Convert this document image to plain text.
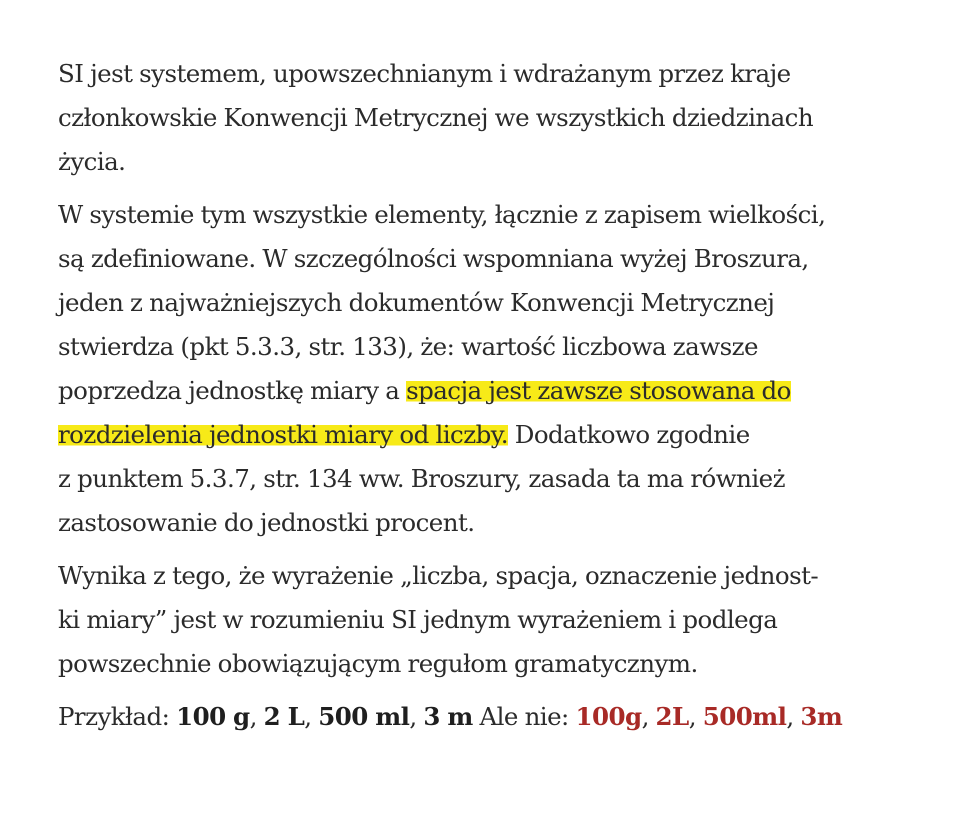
SI jest systemem, upowszechnianym i wdrażanym przez kraje
członkowskie Konwencji Metrycznej we wszystkich dziedzinach
życia.
W systemie tym wszystkie elementy, łącznie z zapisem wielkości,
są zdefiniowane. W szczególności wspomniana wyżej Broszura,
jeden z najważniejszych dokumentów Konwencji Metrycznej
stwierdza (pkt 5.3.3, str. 133), że: wartość liczbowa zawsze
poprzedza jednostkę miary a spacja jest zawsze stosowana do
rozdzielenia jednostki miary od liczby. Dodatkowo zgodnie
z punktem 5.3.7, str. 134 ww. Broszury, zasada ta ma również
zastosowanie do jednostki procent.
Wynika z tego, że wyrażenie „liczba, spacja, oznaczenie jednost-
ki miary” jest w rozumieniu SI jednym wyrażeniem i podlega
powszechnie obowiązującym regułom gramatycznym.
Przykład: 100 g, 2 L, 500 ml, 3 m Ale nie: 100g, 2L, 500ml, 3m
